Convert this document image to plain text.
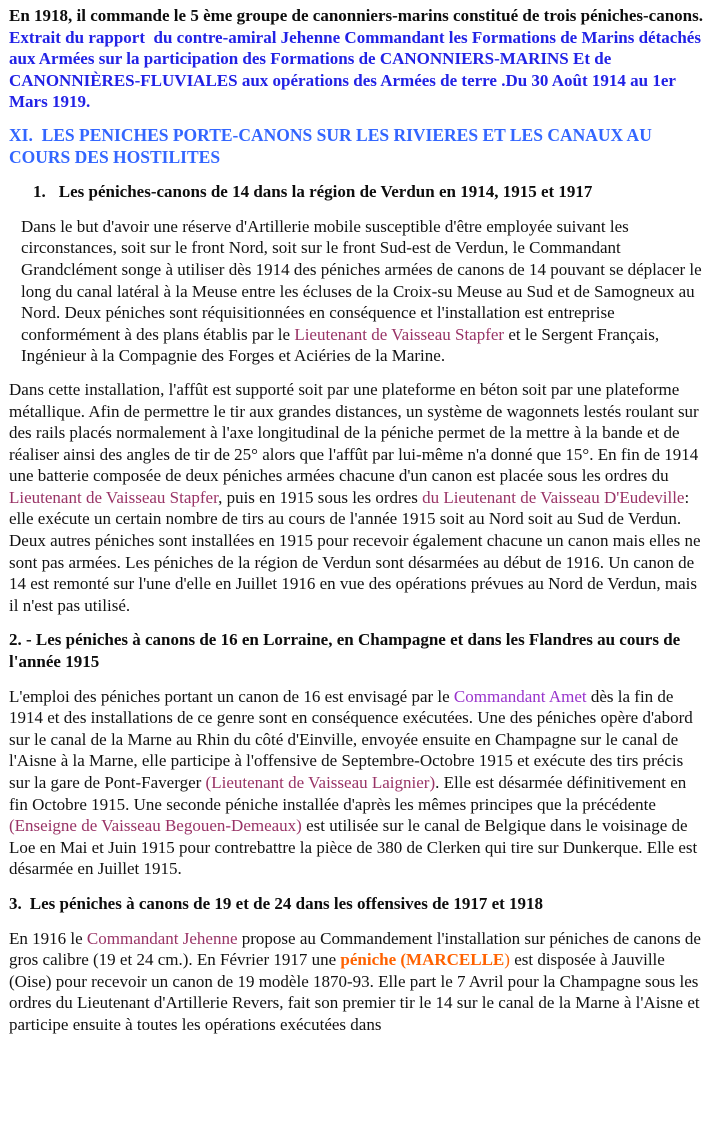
En 1918, il commande le 5 ème groupe de canonniers-marins constitué de trois péniches-canons.

Extrait du rapport  du contre-amiral Jehenne Commandant les Formations de Marins détachés aux Armées sur la participation des Formations de CANONNIERS-MARINS Et de CANONNIÈRES-FLUVIALES aux opérations des Armées de terre .Du 30 Août 1914 au 1er Mars 1919.

XI.  LES PENICHES PORTE-CANONS SUR LES RIVIERES ET LES CANAUX AU COURS DES HOSTILITES
1. Les péniches-canons de 14 dans la région de Verdun en 1914, 1915 et 1917

Dans le but d'avoir une réserve d'Artillerie mobile susceptible d'être employée suivant les circonstances, soit sur le front Nord, soit sur le front Sud-est de Verdun, le Commandant Grandclément songe à utiliser dès 1914 des péniches armées de canons de 14 pouvant se déplacer le long du canal latéral à la Meuse entre les écluses de la Croix-su Meuse au Sud et de Samogneux au Nord. Deux péniches sont réquisitionnées en conséquence et l'installation est entreprise conformément à des plans établis par le Lieutenant de Vaisseau Stapfer et le Sergent Français, Ingénieur à la Compagnie des Forges et Aciéries de la Marine.

Dans cette installation, l'affût est supporté soit par une plateforme en béton soit par une plateforme métallique. Afin de permettre le tir aux grandes distances, un système de wagonnets lestés roulant sur des rails placés normalement à l'axe longitudinal de la péniche permet de la mettre à la bande et de réaliser ainsi des angles de tir de 25° alors que l'affût par lui-même n'a donné que 15°. En fin de 1914 une batterie composée de deux péniches armées chacune d'un canon est placée sous les ordres du Lieutenant de Vaisseau Stapfer, puis en 1915 sous les ordres du Lieutenant de Vaisseau D'Eudeville: elle exécute un certain nombre de tirs au cours de l'année 1915 soit au Nord soit au Sud de Verdun. Deux autres péniches sont installées en 1915 pour recevoir également chacune un canon mais elles ne sont pas armées. Les péniches de la région de Verdun sont désarmées au début de 1916. Un canon de 14 est remonté sur l'une d'elle en Juillet 1916 en vue des opérations prévues au Nord de Verdun, mais il n'est pas utilisé.

2. - Les péniches à canons de 16 en Lorraine, en Champagne et dans les Flandres au cours de l'année 1915

L'emploi des péniches portant un canon de 16 est envisagé par le Commandant Amet dès la fin de 1914 et des installations de ce genre sont en conséquence exécutées. Une des péniches opère d'abord sur le canal de la Marne au Rhin du côté d'Einville, envoyée ensuite en Champagne sur le canal de l'Aisne à la Marne, elle participe à l'offensive de Septembre-Octobre 1915 et exécute des tirs précis sur la gare de Pont-Faverger (Lieutenant de Vaisseau Laignier). Elle est désarmée définitivement en fin Octobre 1915. Une seconde péniche installée d'après les mêmes principes que la précédente (Enseigne de Vaisseau Begouen-Demeaux) est utilisée sur le canal de Belgique dans le voisinage de Loe en Mai et Juin 1915 pour contrebattre la pièce de 380 de Clerken qui tire sur Dunkerque. Elle est désarmée en Juillet 1915.

3. Les péniches à canons de 19 et de 24 dans les offensives de 1917 et 1918

En 1916 le Commandant Jehenne propose au Commandement l'installation sur péniches de canons de gros calibre (19 et 24 cm.). En Février 1917 une péniche (MARCELLE) est disposée à Jauville (Oise) pour recevoir un canon de 19 modèle 1870-93. Elle part le 7 Avril pour la Champagne sous les ordres du Lieutenant d'Artillerie Revers, fait son premier tir le 14 sur le canal de la Marne à l'Aisne et participe ensuite à toutes les opérations exécutées dans
